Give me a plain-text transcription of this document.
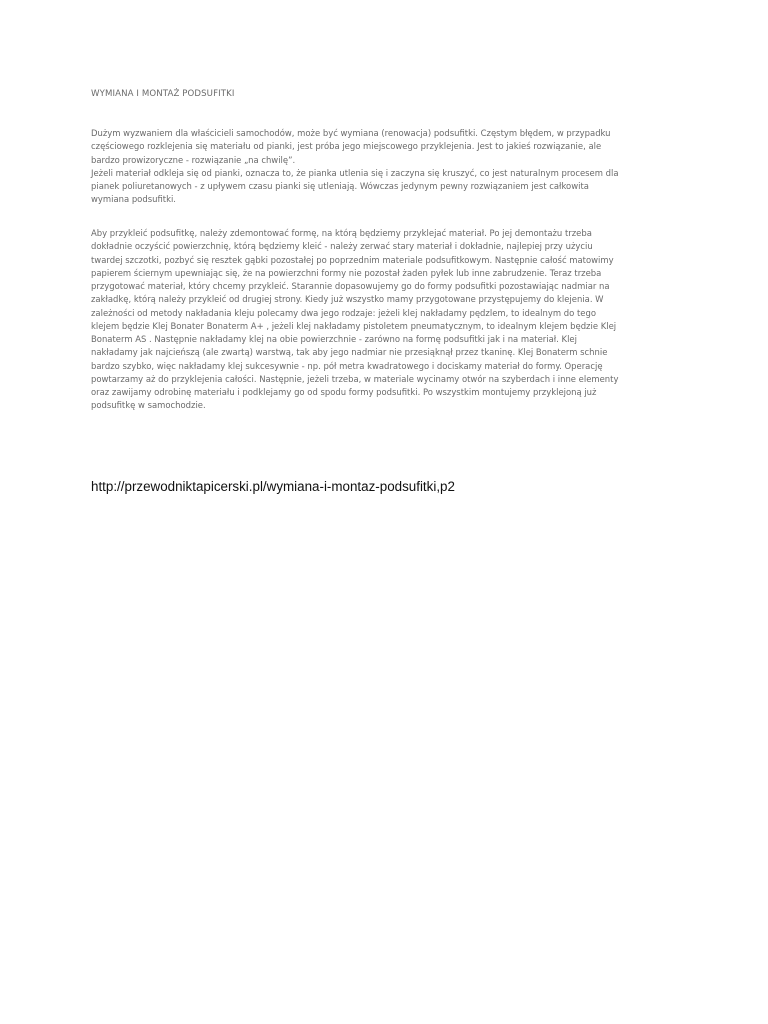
WYMIANA I MONTAŻ PODSUFITKI

Dużym wyzwaniem dla właścicieli samochodów, może być wymiana (renowacja) podsufitki. Częstym błędem, w przypadku
częściowego rozklejenia się materiału od pianki, jest próba jego miejscowego przyklejenia. Jest to jakieś rozwiązanie, ale
bardzo prowizoryczne - rozwiązanie „na chwilę”.
Jeżeli materiał odkleja się od pianki, oznacza to, że pianka utlenia się i zaczyna się kruszyć, co jest naturalnym procesem dla
pianek poliuretanowych - z upływem czasu pianki się utleniają. Wówczas jedynym pewny rozwiązaniem jest całkowita
wymiana podsufitki.

Aby przykleić podsufitkę, należy zdemontować formę, na którą będziemy przyklejać materiał. Po jej demontażu trzeba
dokładnie oczyścić powierzchnię, którą będziemy kleić - należy zerwać stary materiał i dokładnie, najlepiej przy użyciu
twardej szczotki, pozbyć się resztek gąbki pozostałej po poprzednim materiale podsufitkowym. Następnie całość matowimy
papierem ściernym upewniając się, że na powierzchni formy nie pozostał żaden pyłek lub inne zabrudzenie. Teraz trzeba
przygotować materiał, który chcemy przykleić. Starannie dopasowujemy go do formy podsufitki pozostawiając nadmiar na
zakładkę, którą należy przykleić od drugiej strony. Kiedy już wszystko mamy przygotowane przystępujemy do klejenia. W
zależności od metody nakładania kleju polecamy dwa jego rodzaje: jeżeli klej nakładamy pędzlem, to idealnym do tego
klejem będzie Klej Bonater Bonaterm A+ , jeżeli klej nakładamy pistoletem pneumatycznym, to idealnym klejem będzie Klej
Bonaterm AS . Następnie nakładamy klej na obie powierzchnie - zarówno na formę podsufitki jak i na materiał. Klej
nakładamy jak najcieńszą (ale zwartą) warstwą, tak aby jego nadmiar nie przesiąknął przez tkaninę. Klej Bonaterm schnie
bardzo szybko, więc nakładamy klej sukcesywnie - np. pół metra kwadratowego i dociskamy materiał do formy. Operację
powtarzamy aż do przyklejenia całości. Następnie, jeżeli trzeba, w materiale wycinamy otwór na szyberdach i inne elementy
oraz zawijamy odrobinę materiału i podklejamy go od spodu formy podsufitki. Po wszystkim montujemy przyklejoną już
podsufitkę w samochodzie.

http://przewodniktapicerski.pl/wymiana-i-montaz-podsufitki,p2
